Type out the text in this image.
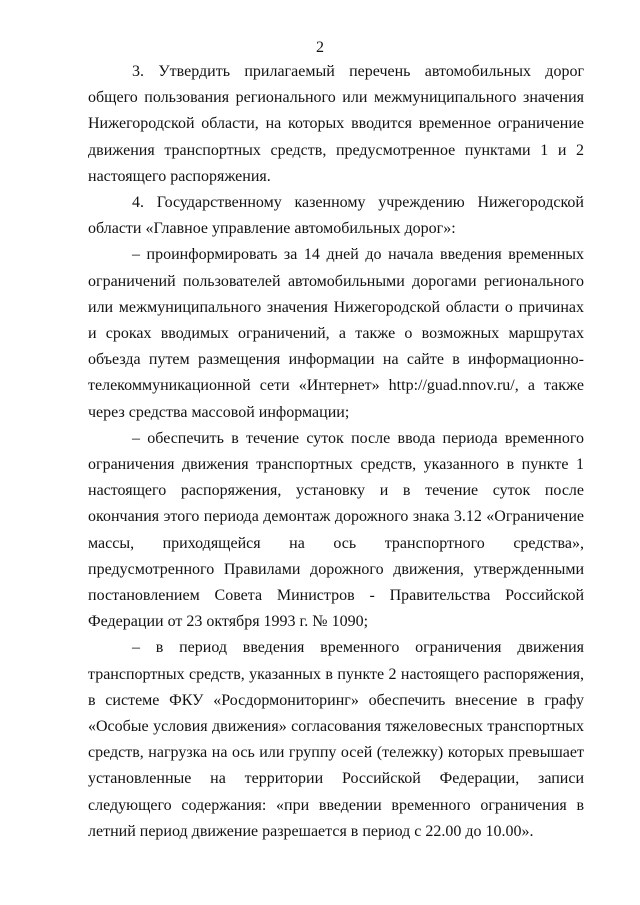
2

3. Утвердить прилагаемый перечень автомобильных дорог общего пользования регионального или межмуниципального значения Нижегородской области, на которых вводится временное ограничение движения транспортных средств, предусмотренное пунктами 1 и 2 настоящего распоряжения.

4. Государственному казенному учреждению Нижегородской области «Главное управление автомобильных дорог»:

– проинформировать за 14 дней до начала введения временных ограничений пользователей автомобильными дорогами регионального или межмуниципального значения Нижегородской области о причинах и сроках вводимых ограничений, а также о возможных маршрутах объезда путем размещения информации на сайте в информационно-телекоммуникационной сети «Интернет» http://guad.nnov.ru/, а также через средства массовой информации;

– обеспечить в течение суток после ввода периода временного ограничения движения транспортных средств, указанного в пункте 1 настоящего распоряжения, установку и в течение суток после окончания этого периода демонтаж дорожного знака 3.12 «Ограничение массы, приходящейся на ось транспортного средства», предусмотренного Правилами дорожного движения, утвержденными постановлением Совета Министров - Правительства Российской Федерации от 23 октября 1993 г. № 1090;

– в период введения временного ограничения движения транспортных средств, указанных в пункте 2 настоящего распоряжения, в системе ФКУ «Росдормониторинг» обеспечить внесение в графу «Особые условия движения» согласования тяжеловесных транспортных средств, нагрузка на ось или группу осей (тележку) которых превышает установленные на территории Российской Федерации, записи следующего содержания: «при введении временного ограничения в летний период движение разрешается в период с 22.00 до 10.00».
